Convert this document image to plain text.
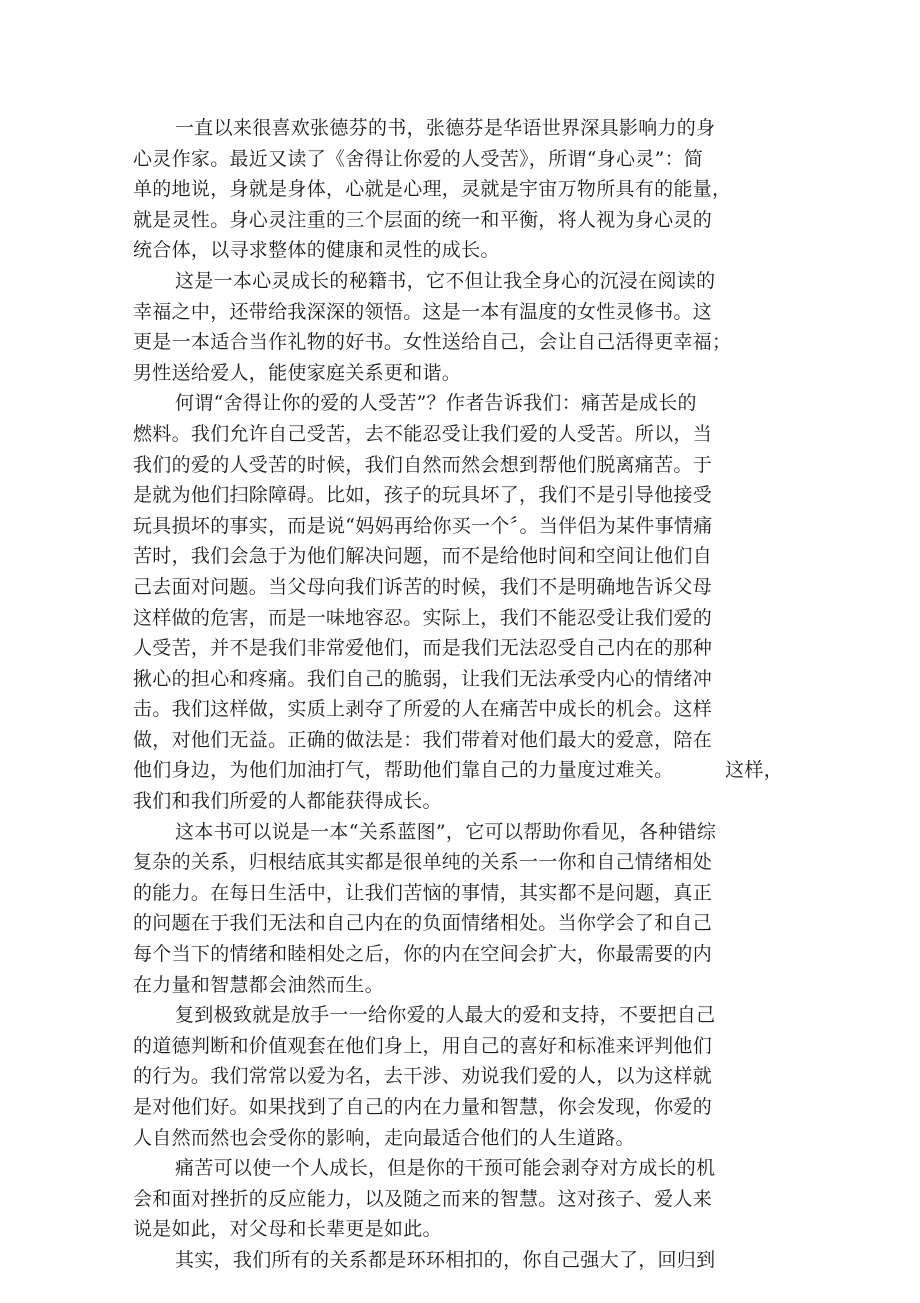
一直以来很喜欢张德芬的书，张德芬是华语世界深具影响力的身
心灵作家。最近又读了《舍得让你爱的人受苦》，所谓“身心灵”：简
单的地说，身就是身体，心就是心理，灵就是宇宙万物所具有的能量，
就是灵性。身心灵注重的三个层面的统一和平衡，将人视为身心灵的
统合体，以寻求整体的健康和灵性的成长。
这是一本心灵成长的秘籍书，它不但让我全身心的沉浸在阅读的
幸福之中，还带给我深深的领悟。这是一本有温度的女性灵修书。这
更是一本适合当作礼物的好书。女性送给自己，会让自己活得更幸福；
男性送给爱人，能使家庭关系更和谐。
何谓“舍得让你的爱的人受苦”？作者告诉我们：痛苦是成长的
燃料。我们允许自己受苦，去不能忍受让我们爱的人受苦。所以，当
我们的爱的人受苦的时候，我们自然而然会想到帮他们脱离痛苦。于
是就为他们扫除障碍。比如，孩子的玩具坏了，我们不是引导他接受
玩具损坏的事实，而是说“妈妈再给你买一个〞。当伴侣为某件事情痛
苦时，我们会急于为他们解决问题，而不是给他时间和空间让他们自
己去面对问题。当父母向我们诉苦的时候，我们不是明确地告诉父母
这样做的危害，而是一味地容忍。实际上，我们不能忍受让我们爱的
人受苦，并不是我们非常爱他们，而是我们无法忍受自己内在的那种
揪心的担心和疼痛。我们自己的脆弱，让我们无法承受内心的情绪冲
击。我们这样做，实质上剥夺了所爱的人在痛苦中成长的机会。这样
做，对他们无益。正确的做法是：我们带着对他们最大的爱意，陪在
他们身边，为他们加油打气，帮助他们靠自己的力量度过难关。	这样，
我们和我们所爱的人都能获得成长。
这本书可以说是一本“关系蓝图”，它可以帮助你看见，各种错综
复杂的关系，归根结底其实都是很单纯的关系一一你和自己情绪相处
的能力。在每日生活中，让我们苦恼的事情，其实都不是问题，真正
的问题在于我们无法和自己内在的负面情绪相处。当你学会了和自己
每个当下的情绪和睦相处之后，你的内在空间会扩大，你最需要的内
在力量和智慧都会油然而生。
复到极致就是放手一一给你爱的人最大的爱和支持，不要把自己
的道德判断和价值观套在他们身上，用自己的喜好和标准来评判他们
的行为。我们常常以爱为名，去干涉、劝说我们爱的人，以为这样就
是对他们好。如果找到了自己的内在力量和智慧，你会发现，你爱的
人自然而然也会受你的影响，走向最适合他们的人生道路。
痛苦可以使一个人成长，但是你的干预可能会剥夺对方成长的机
会和面对挫折的反应能力，以及随之而来的智慧。这对孩子、爱人来
说是如此，对父母和长辈更是如此。
其实，我们所有的关系都是环环相扣的，你自己强大了，回归到
